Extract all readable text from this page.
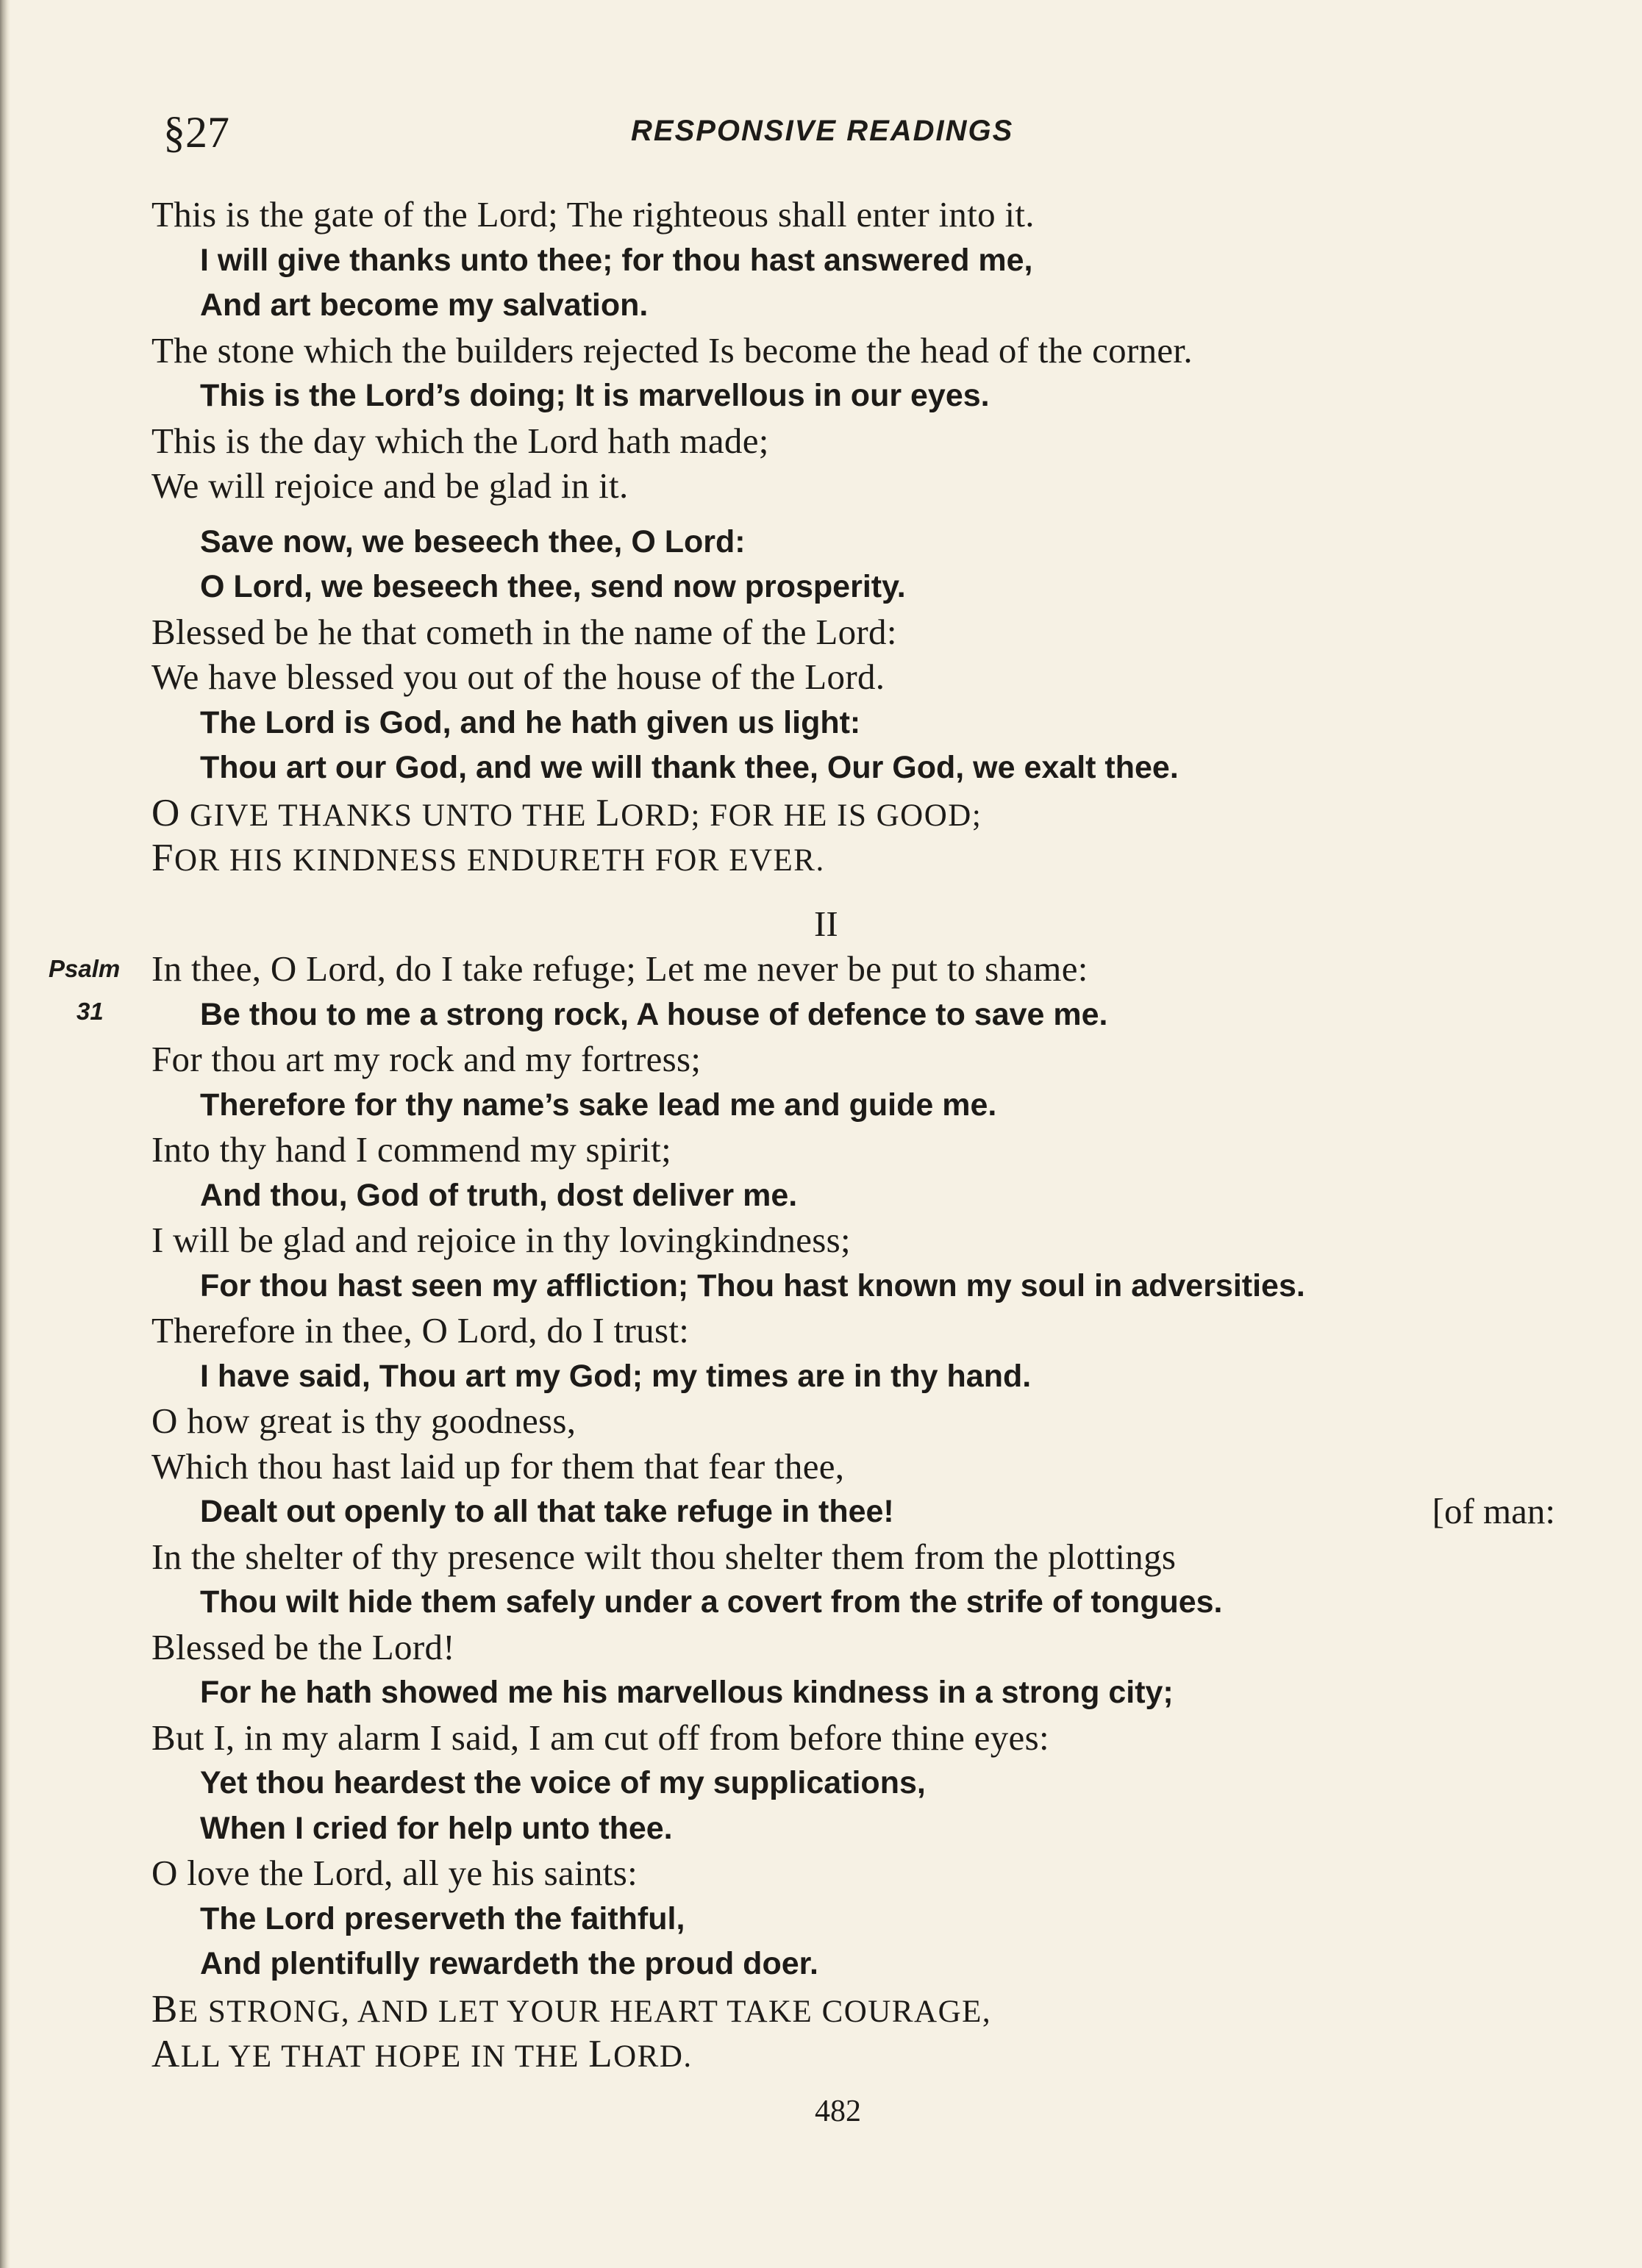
§27	RESPONSIVE READINGS
This is the gate of the Lord; The righteous shall enter into it.
I will give thanks unto thee; for thou hast answered me,
And art become my salvation.
The stone which the builders rejected Is become the head of the corner.
This is the Lord’s doing; It is marvellous in our eyes.
This is the day which the Lord hath made;
We will rejoice and be glad in it.
Save now, we beseech thee, O Lord:
O Lord, we beseech thee, send now prosperity.
Blessed be he that cometh in the name of the Lord:
We have blessed you out of the house of the Lord.
The Lord is God, and he hath given us light:
Thou art our God, and we will thank thee, Our God, we exalt thee.
O GIVE THANKS UNTO THE LORD; FOR HE IS GOOD;
FOR HIS KINDNESS ENDURETH FOR EVER.
II
Psalm
31
In thee, O Lord, do I take refuge; Let me never be put to shame:
Be thou to me a strong rock, A house of defence to save me.
For thou art my rock and my fortress;
Therefore for thy name’s sake lead me and guide me.
Into thy hand I commend my spirit;
And thou, God of truth, dost deliver me.
I will be glad and rejoice in thy lovingkindness;
For thou hast seen my affliction; Thou hast known my soul in adversities.
Therefore in thee, O Lord, do I trust:
I have said, Thou art my God; my times are in thy hand.
O how great is thy goodness,
Which thou hast laid up for them that fear thee,
Dealt out openly to all that take refuge in thee!	[of man:
In the shelter of thy presence wilt thou shelter them from the plottings
Thou wilt hide them safely under a covert from the strife of tongues.
Blessed be the Lord!
For he hath showed me his marvellous kindness in a strong city;
But I, in my alarm I said, I am cut off from before thine eyes:
Yet thou heardest the voice of my supplications,
When I cried for help unto thee.
O love the Lord, all ye his saints:
The Lord preserveth the faithful,
And plentifully rewardeth the proud doer.
BE STRONG, AND LET YOUR HEART TAKE COURAGE,
ALL YE THAT HOPE IN THE LORD.
482
